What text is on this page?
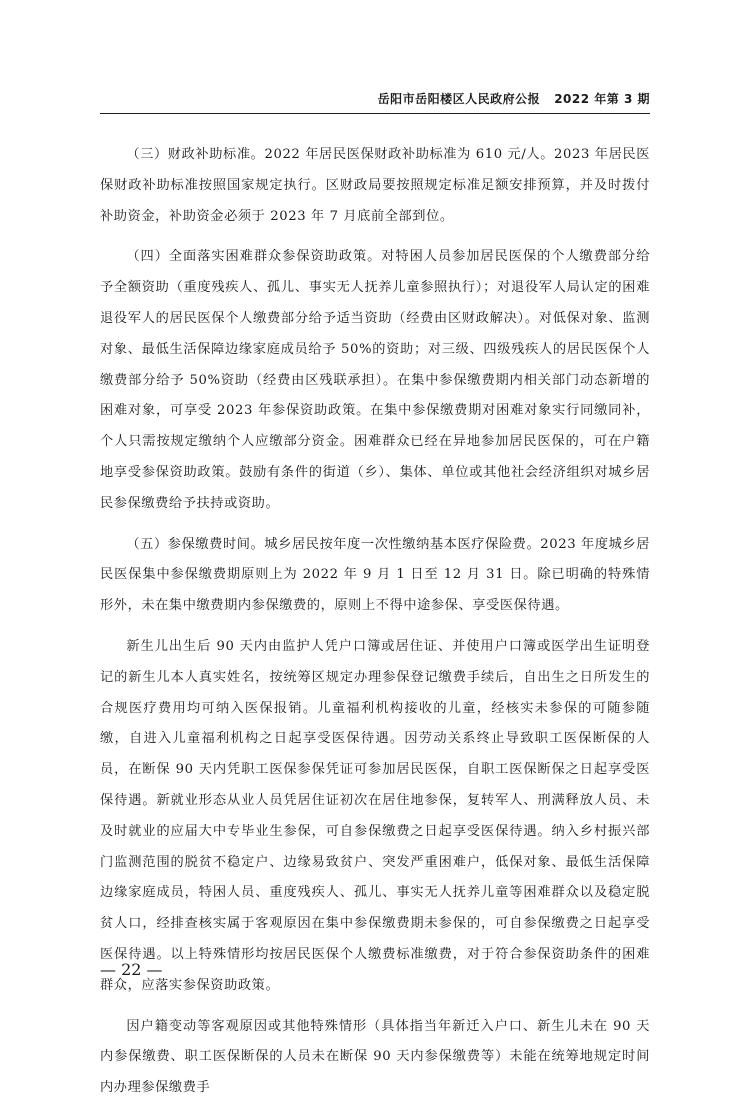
岳阳市岳阳楼区人民政府公报 2022 年第 3 期

（三）财政补助标准。2022 年居民医保财政补助标准为 610 元/人。2023 年居民医保财政补助标准按照国家规定执行。区财政局要按照规定标准足额安排预算，并及时拨付补助资金，补助资金必须于 2023 年 7 月底前全部到位。

（四）全面落实困难群众参保资助政策。对特困人员参加居民医保的个人缴费部分给予全额资助（重度残疾人、孤儿、事实无人抚养儿童参照执行）；对退役军人局认定的困难退役军人的居民医保个人缴费部分给予适当资助（经费由区财政解决）。对低保对象、监测对象、最低生活保障边缘家庭成员给予 50%的资助；对三级、四级残疾人的居民医保个人缴费部分给予 50%资助（经费由区残联承担）。在集中参保缴费期内相关部门动态新增的困难对象，可享受 2023 年参保资助政策。在集中参保缴费期对困难对象实行同缴同补，个人只需按规定缴纳个人应缴部分资金。困难群众已经在异地参加居民医保的，可在户籍地享受参保资助政策。鼓励有条件的街道（乡）、集体、单位或其他社会经济组织对城乡居民参保缴费给予扶持或资助。

（五）参保缴费时间。城乡居民按年度一次性缴纳基本医疗保险费。2023 年度城乡居民医保集中参保缴费期原则上为 2022 年 9 月 1 日至 12 月 31 日。除已明确的特殊情形外，未在集中缴费期内参保缴费的，原则上不得中途参保、享受医保待遇。

新生儿出生后 90 天内由监护人凭户口簿或居住证、并使用户口簿或医学出生证明登记的新生儿本人真实姓名，按统筹区规定办理参保登记缴费手续后，自出生之日所发生的合规医疗费用均可纳入医保报销。儿童福利机构接收的儿童，经核实未参保的可随参随缴，自进入儿童福利机构之日起享受医保待遇。因劳动关系终止导致职工医保断保的人员，在断保 90 天内凭职工医保参保凭证可参加居民医保，自职工医保断保之日起享受医保待遇。新就业形态从业人员凭居住证初次在居住地参保，复转军人、刑满释放人员、未及时就业的应届大中专毕业生参保，可自参保缴费之日起享受医保待遇。纳入乡村振兴部门监测范围的脱贫不稳定户、边缘易致贫户、突发严重困难户，低保对象、最低生活保障边缘家庭成员，特困人员、重度残疾人、孤儿、事实无人抚养儿童等困难群众以及稳定脱贫人口，经排查核实属于客观原因在集中参保缴费期未参保的，可自参保缴费之日起享受医保待遇。以上特殊情形均按居民医保个人缴费标准缴费，对于符合参保资助条件的困难群众，应落实参保资助政策。

因户籍变动等客观原因或其他特殊情形（具体指当年新迁入户口、新生儿未在 90 天内参保缴费、职工医保断保的人员未在断保 90 天内参保缴费等）未能在统筹地规定时间内办理参保缴费手

— 22 —
